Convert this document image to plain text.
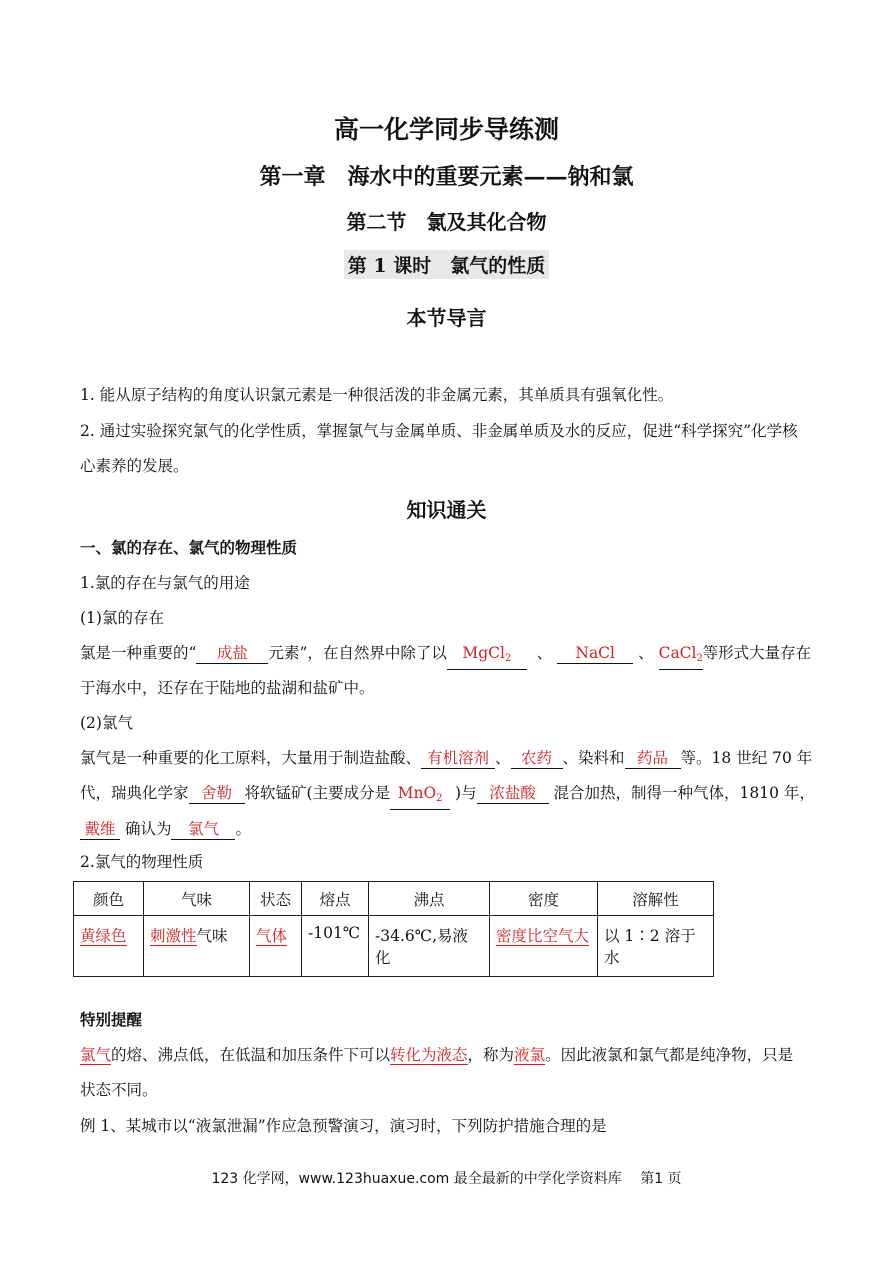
高一化学同步导练测
第一章　海水中的重要元素——钠和氯
第二节　氯及其化合物
第 1 课时　氯气的性质
本节导言
1. 能从原子结构的角度认识氯元素是一种很活泼的非金属元素，其单质具有强氧化性。
2. 通过实验探究氯气的化学性质，掌握氯气与金属单质、非金属单质及水的反应，促进“科学探究”化学核
心素养的发展。
知识通关
一、氯的存在、氯气的物理性质
1.氯的存在与氯气的用途
(1)氯的存在
氯是一种重要的“ 成盐 元素”，在自然界中除了以 MgCl$_2$ 、 NaCl 、 CaCl$_2$等形式大量存在
于海水中，还存在于陆地的盐湖和盐矿中。
(2)氯气
氯气是一种重要的化工原料，大量用于制造盐酸、 有机溶剂 、 农药 、染料和 药品 等。18 世纪 70 年
代，瑞典化学家 舍勒 将软锰矿(主要成分是 MnO$_2$ )与 浓盐酸 混合加热，制得一种气体，1810 年，
戴维 确认为 氯气 。
2.氯气的物理性质
颜色	气味	状态	熔点	沸点	密度	溶解性
黄绿色	刺激性气味	气体	-101℃	-34.6℃,易液化	密度比空气大	以 1∶2 溶于水
特别提醒
氯气的熔、沸点低，在低温和加压条件下可以转化为液态，称为液氯。因此液氯和氯气都是纯净物，只是
状态不同。
例 1、某城市以“液氯泄漏”作应急预警演习，演习时，下列防护措施合理的是
123 化学网，www.123huaxue.com 最全最新的中学化学资料库　 第1 页
